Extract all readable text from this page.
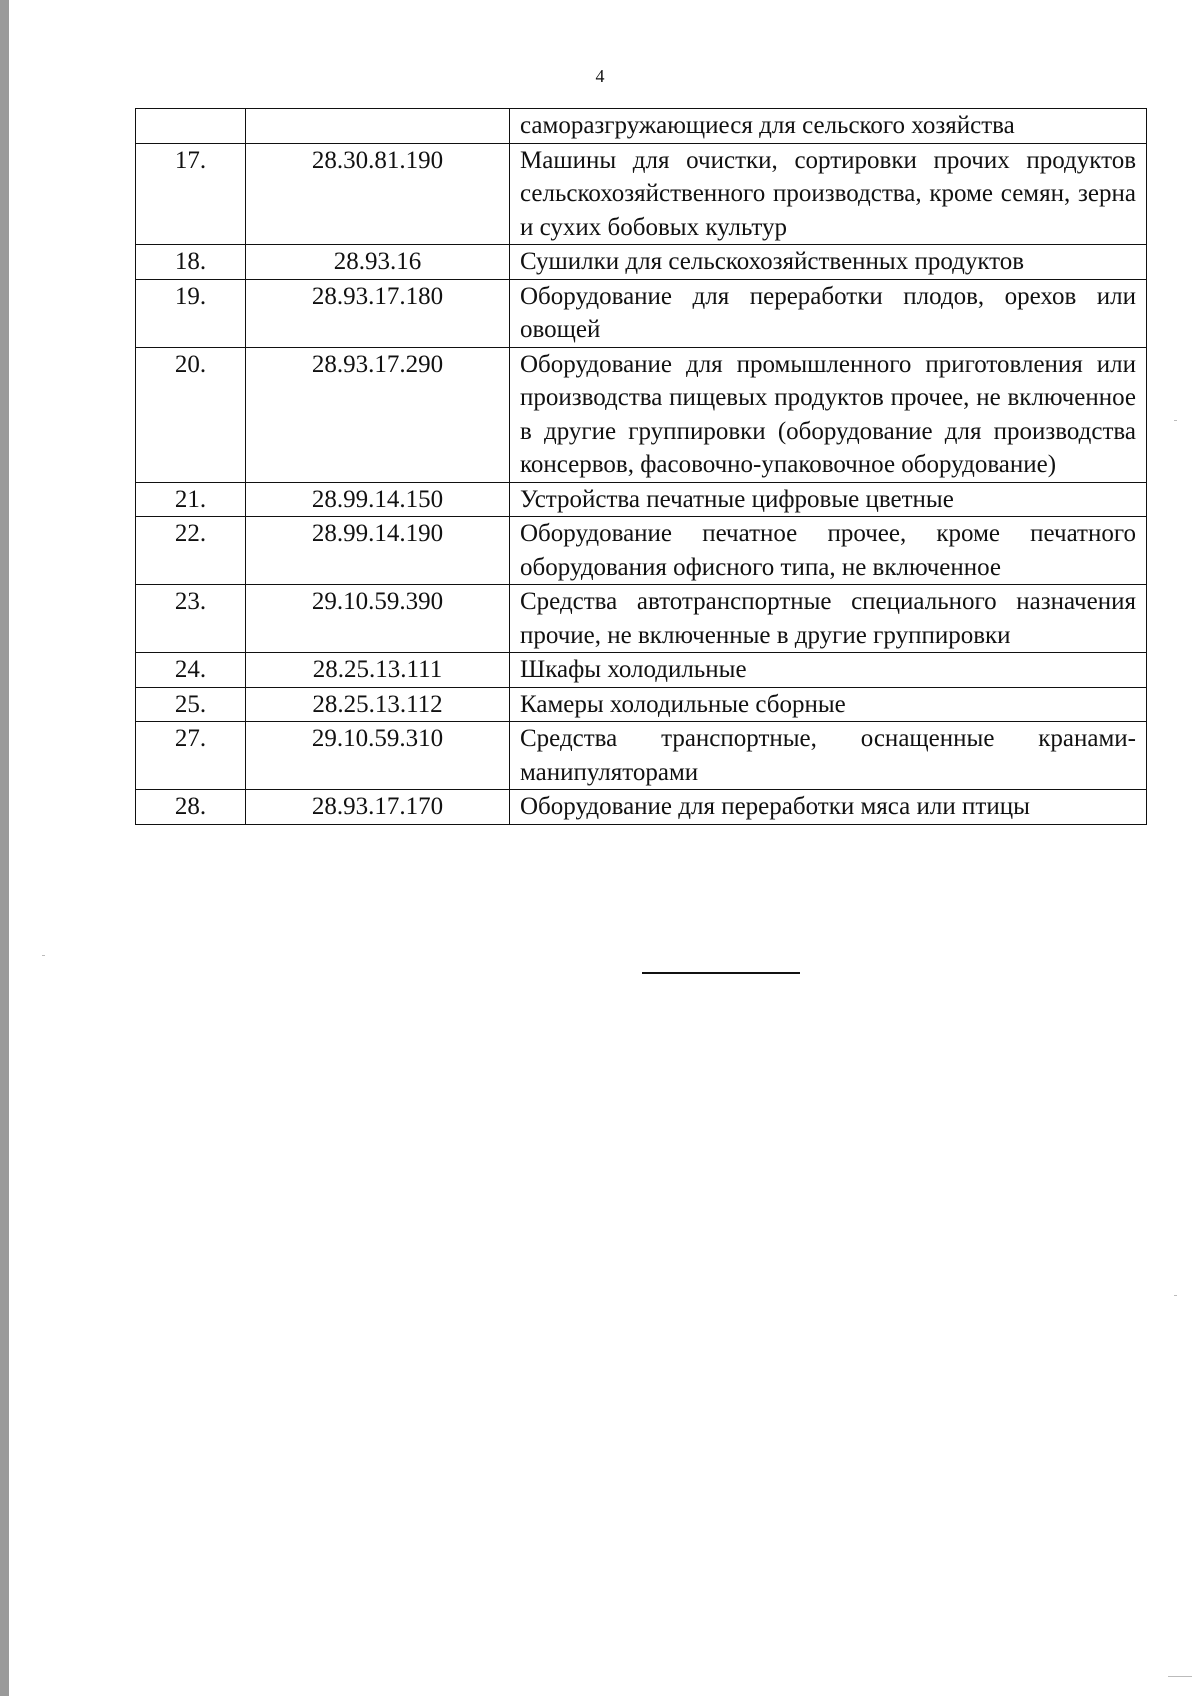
4
		саморазгружающиеся для сельского хозяйства
17.	28.30.81.190	Машины для очистки, сортировки прочих продуктов сельскохозяйственного производства, кроме семян, зерна и сухих бобовых культур
18.	28.93.16	Сушилки для сельскохозяйственных продуктов
19.	28.93.17.180	Оборудование для переработки плодов, орехов или овощей
20.	28.93.17.290	Оборудование для промышленного приготовления или производства пищевых продуктов прочее, не включенное в другие группировки (оборудование для производства консервов, фасовочно-упаковочное оборудование)
21.	28.99.14.150	Устройства печатные цифровые цветные
22.	28.99.14.190	Оборудование печатное прочее, кроме печатного оборудования офисного типа, не включенное
23.	29.10.59.390	Средства автотранспортные специального назначения прочие, не включенные в другие группировки
24.	28.25.13.111	Шкафы холодильные
25.	28.25.13.112	Камеры холодильные сборные
27.	29.10.59.310	Средства транспортные, оснащенные кранами-манипуляторами
28.	28.93.17.170	Оборудование для переработки мяса или птицы
